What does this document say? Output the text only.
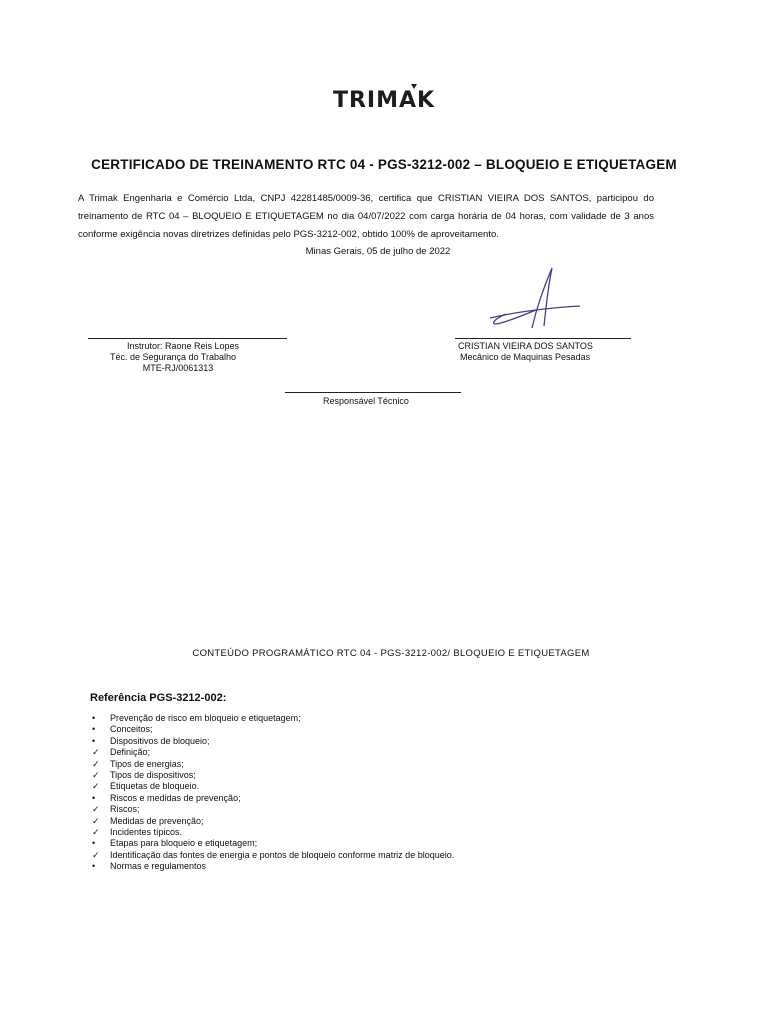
TRIMAK
CERTIFICADO DE TREINAMENTO RTC 04 - PGS-3212-002 – BLOQUEIO E ETIQUETAGEM
A Trimak Engenharia e Comércio Ltda, CNPJ 42281485/0009-36, certifica que CRISTIAN VIEIRA DOS SANTOS, participou do treinamento de RTC 04 – BLOQUEIO E ETIQUETAGEM no dia 04/07/2022 com carga horária de 04 horas, com validade de 3 anos conforme exigência novas diretrizes definidas pelo PGS-3212-002, obtido 100% de aproveitamento.
Minas Gerais, 05 de julho de 2022
Instrutor: Raone Reis Lopes
Téc. de Segurança do Trabalho
MTE-RJ/0061313
CRISTIAN VIEIRA DOS SANTOS
Mecânico de Maquinas Pesadas
Responsável Técnico
CONTEÚDO PROGRAMÁTICO RTC 04 - PGS-3212-002/ BLOQUEIO E ETIQUETAGEM
Referência PGS-3212-002:
•	Prevenção de risco em bloqueio e etiquetagem;
•	Conceitos;
•	Dispositivos de bloqueio;
✓	Definição;
✓	Tipos de energias;
✓	Tipos de dispositivos;
✓	Etiquetas de bloqueio.
•	Riscos e medidas de prevenção;
✓	Riscos;
✓	Medidas de prevenção;
✓	Incidentes típicos.
•	Etapas para bloqueio e etiquetagem;
✓	Identificação das fontes de energia e pontos de bloqueio conforme matriz de bloqueio.
•	Normas e regulamentos
